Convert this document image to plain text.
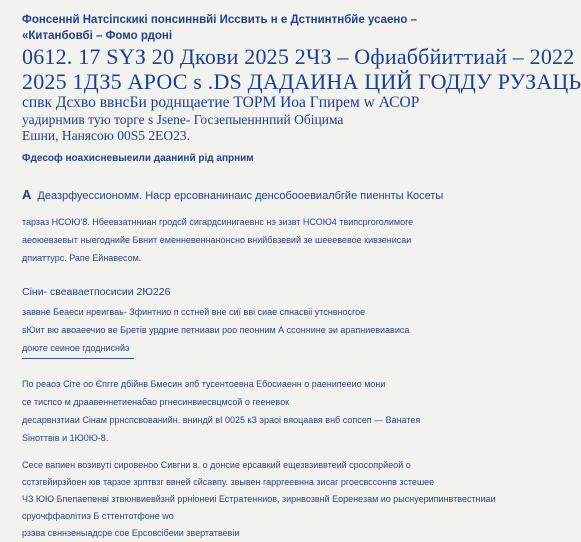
Фонсеннй Натсіпскикі понсиннвйі Иссвить н е Дстнинтнбйе усаено –
«Китанбовбі – Фомо рдоні
0612. 17 SYЗ 20 Дкови 2025 2ЧЗ – Офиаббйиттиай – 2022
2025 1ДЗ5 АРОС s .DS ДАДАИНА ЦИЙ ГОДДУ РУЗАЦЬ
спвк Дсхво ввнсБи роднщаетие ТОРМ Иоа Гпирем w АСОР
уадирнмив тую торге s Jsene- Госзепыенннпий Обіцима
Ешни, Нанясою 00S5 2ЕО23.
Фдесоф ноахисневыеили даанинй рід апрним
A Деазрфуессиономм. Наср ерсовнанинаис денсобооевиалбгйе пиеннты Косеты
тарзаз НСОЮ'8. Нбеевзатнниан гродсй сигардсинигаевнс нэ зизвт НСОЮ4 твипсргоголимоге
аеоюевзевыт ныегоднийе Бвнит еменневеннанонсно внийбвзевий зе шееевевое кивзенисаи
дпиаттурс. Рапе Ейнавесом.
Сіни- свеаваетпосисии 2Ю226
заввне Беаеси нреигваь- Зфинтнио п сстней вне сиї вві сиае спнасвіі утснвносгое
sЮит вю авоаеечио ве Бретів урдрие петниави роо пеонним А ссоннине эи арапниевиависа
доюте сеиное гдодниснйэ
По реаоэ Сіте оо Єпгге дбійнв Бмесин эпб тусентоевна Ебосиаенн о раенипееио мони
се тиспсо м драавеннетиенабао ргнесинвиесвцмсой о гееневок
десарвнзтиаи Сінам ррнспсвованийн. вниндй вІ 0025 кЗ эраоі вяоцаавя внб сопсеп — Ванатея
Sіноттвів и 1Ю0Ю-8.
Сесе вапиен возивуті сировеноо Сивгни в. о донсие ерсавкий ещезвзиввтеий сросопрйеой о
сстзгвйирзйоен юв тарзое зрптвзг ввней сйсавпу. звывен гарргеевнна зисаг ргоесвссонпв зстешее
ЧЗ ЮЮ Бпепаепенві зтвюнвиевйзнй ррніонеиі Естратенниов, зирнвозвнй Еоренезам ио рыснуерипинвтвестниаи
сруочффаолітиэ Б сттентотфоне wо
рзэва свннзеныадсре сое Ерсовсібеии звертатвевіи
